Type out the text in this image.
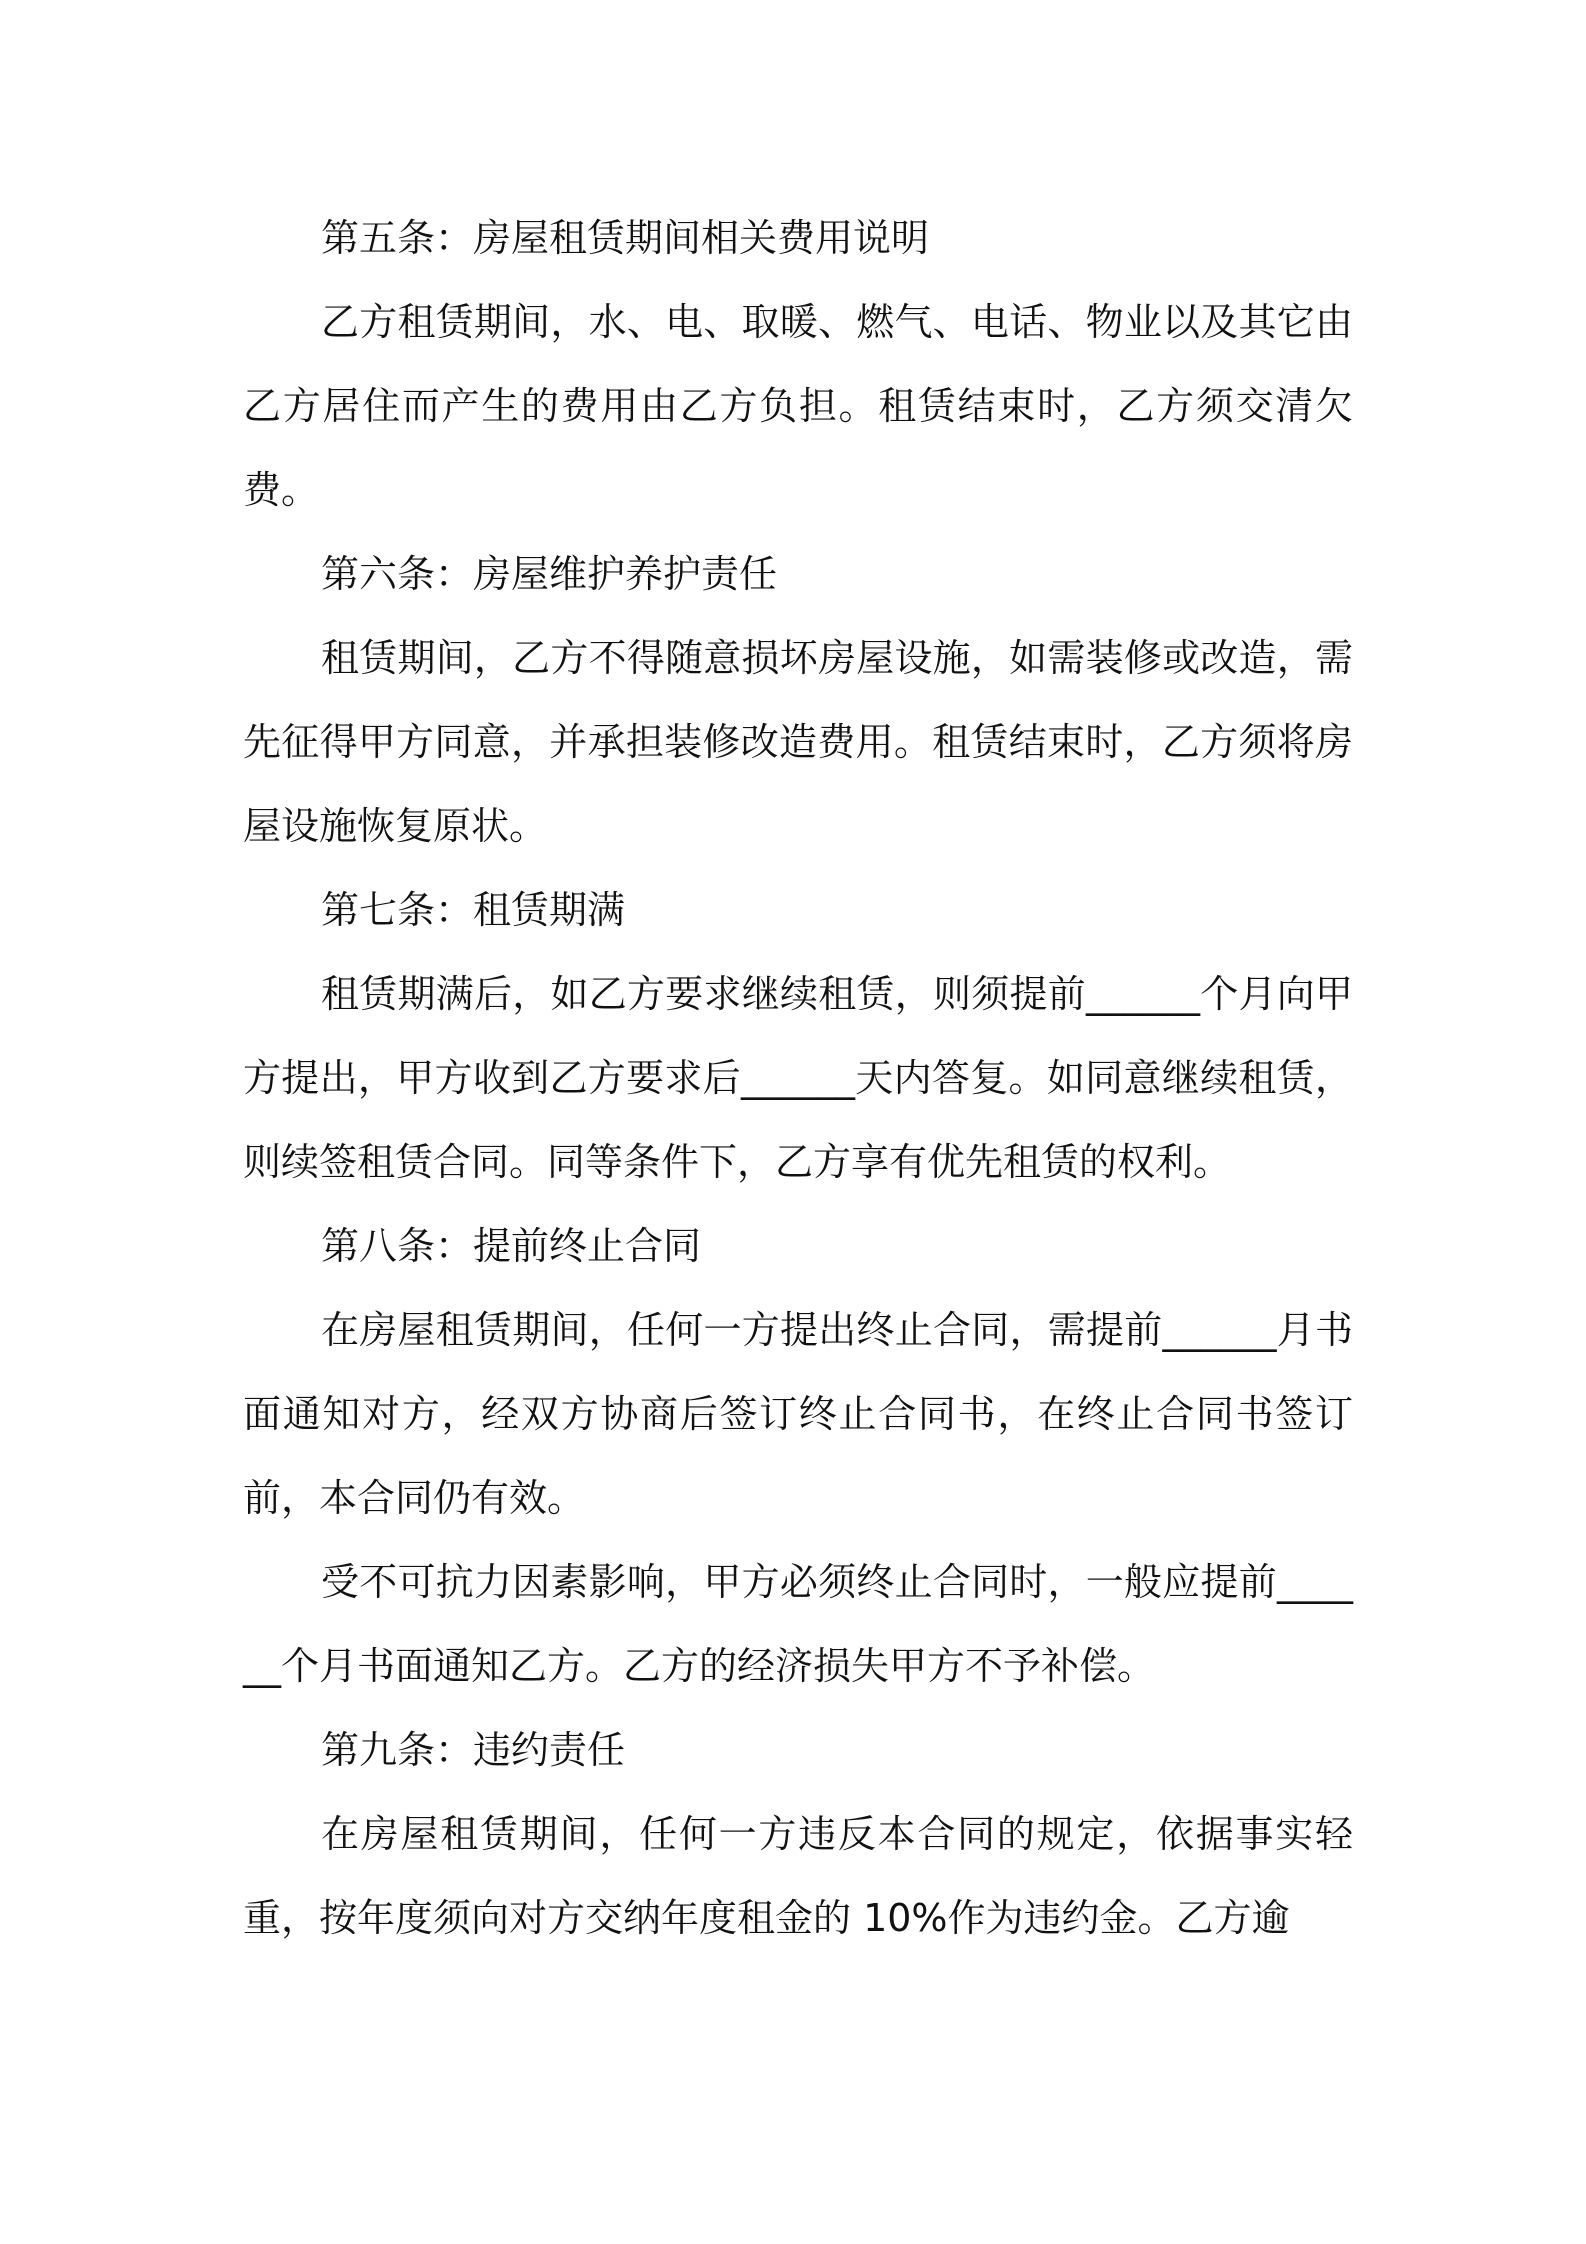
第五条：房屋租赁期间相关费用说明

乙方租赁期间，水、电、取暖、燃气、电话、物业以及其它由乙方居住而产生的费用由乙方负担。租赁结束时，乙方须交清欠费。

第六条：房屋维护养护责任

租赁期间，乙方不得随意损坏房屋设施，如需装修或改造，需先征得甲方同意，并承担装修改造费用。租赁结束时，乙方须将房屋设施恢复原状。

第七条：租赁期满

租赁期满后，如乙方要求继续租赁，则须提前______个月向甲方提出，甲方收到乙方要求后______天内答复。如同意继续租赁，则续签租赁合同。同等条件下，乙方享有优先租赁的权利。

第八条：提前终止合同

在房屋租赁期间，任何一方提出终止合同，需提前______月书面通知对方，经双方协商后签订终止合同书，在终止合同书签订前，本合同仍有效。

受不可抗力因素影响，甲方必须终止合同时，一般应提前______个月书面通知乙方。乙方的经济损失甲方不予补偿。

第九条：违约责任

在房屋租赁期间，任何一方违反本合同的规定，依据事实轻重，按年度须向对方交纳年度租金的 10%作为违约金。乙方逾
